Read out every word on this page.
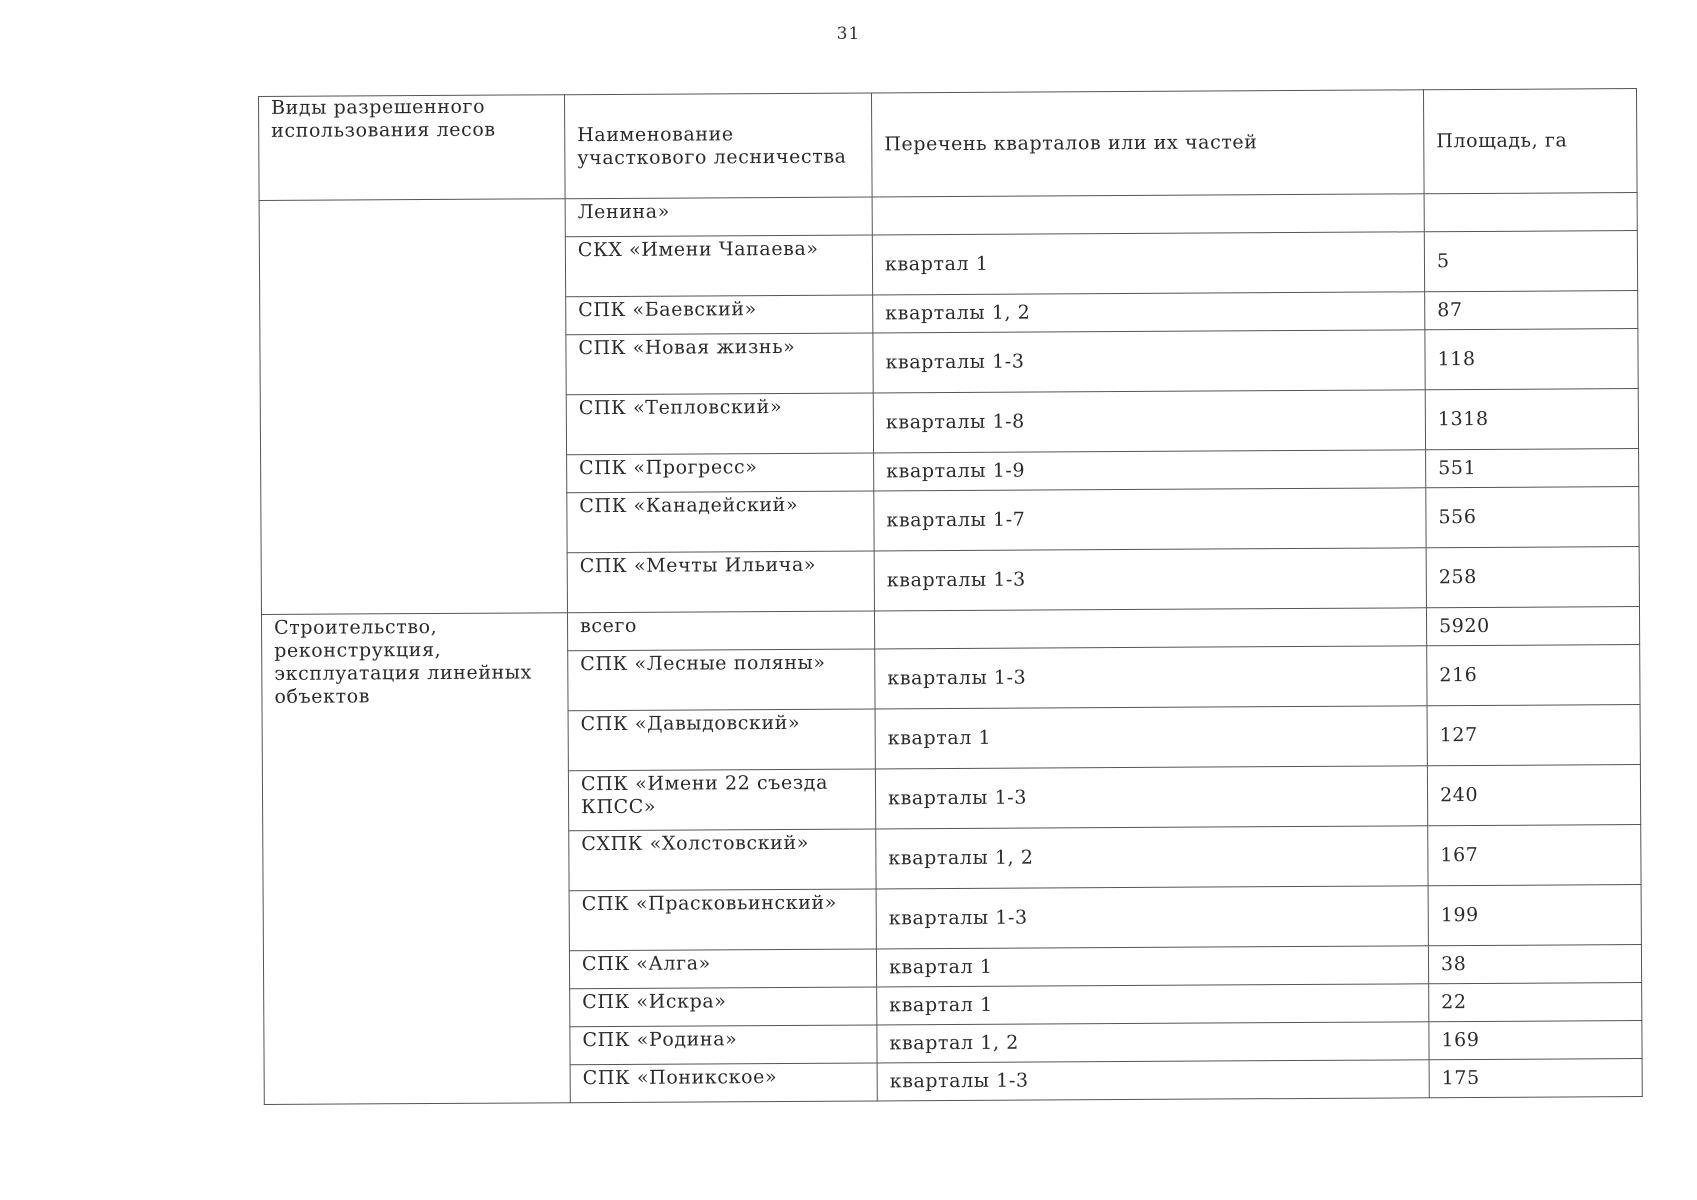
31
Виды разрешенного использования лесов	Наименование участкового лесничества	Перечень кварталов или их частей	Площадь, га
	Ленина»		
	СКХ «Имени Чапаева»	квартал 1	5
	СПК «Баевский»	кварталы 1, 2	87
	СПК «Новая жизнь»	кварталы 1-3	118
	СПК «Тепловский»	кварталы 1-8	1318
	СПК «Прогресс»	кварталы 1-9	551
	СПК «Канадейский»	кварталы 1-7	556
	СПК «Мечты Ильича»	кварталы 1-3	258
Строительство, реконструкция, эксплуатация линейных объектов	всего		5920
	СПК «Лесные поляны»	кварталы 1-3	216
	СПК «Давыдовский»	квартал 1	127
	СПК «Имени 22 съезда КПСС»	кварталы 1-3	240
	СХПК «Холстовский»	кварталы 1, 2	167
	СПК «Прасковьинский»	кварталы 1-3	199
	СПК «Алга»	квартал 1	38
	СПК «Искра»	квартал 1	22
	СПК «Родина»	квартал 1, 2	169
	СПК «Поникское»	кварталы 1-3	175
